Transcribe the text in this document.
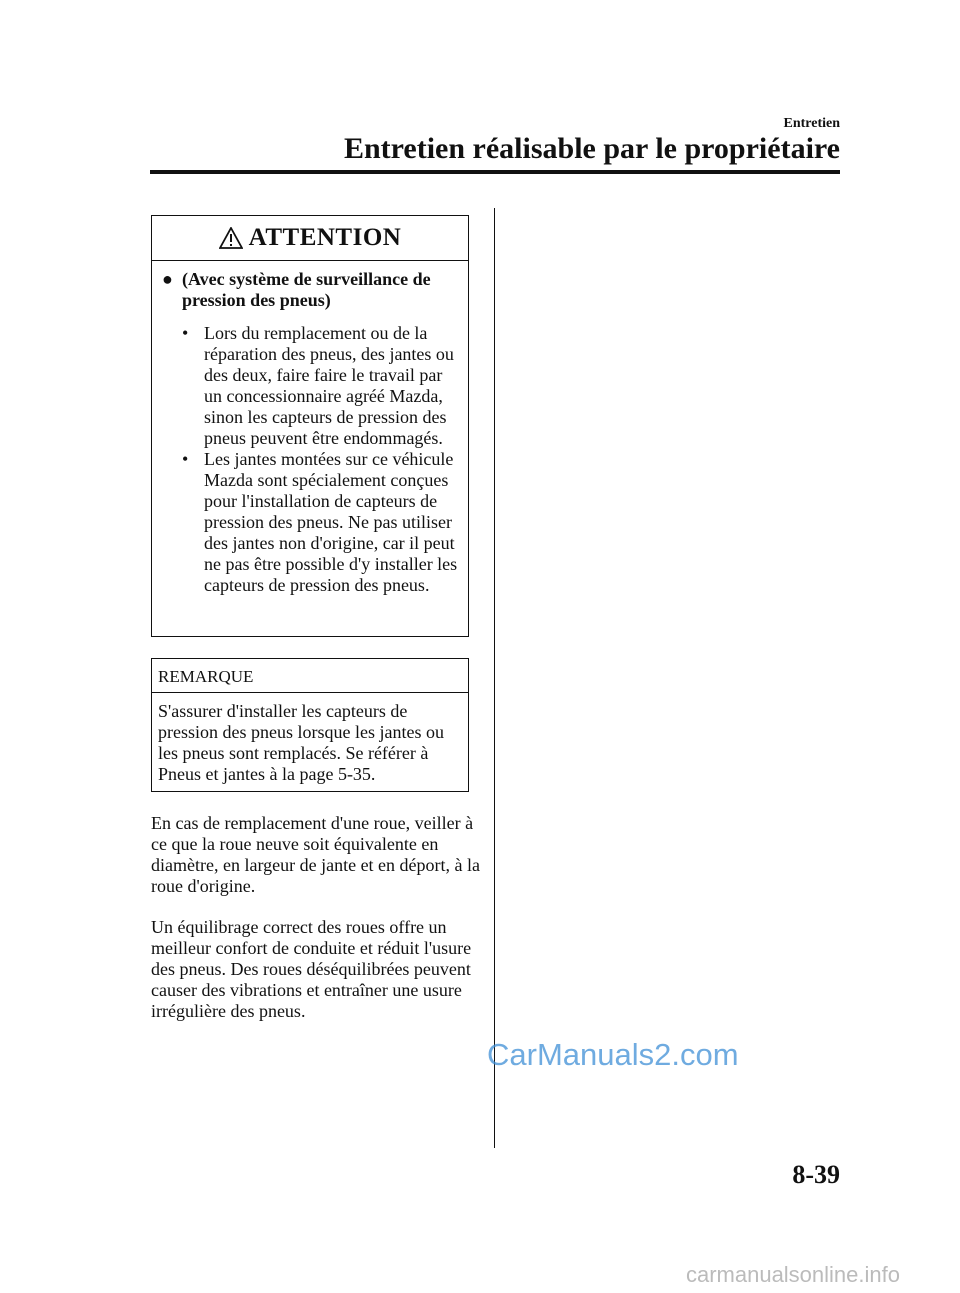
Entretien
Entretien réalisable par le propriétaire
ATTENTION
● (Avec système de surveillance de pression des pneus)
• Lors du remplacement ou de la réparation des pneus, des jantes ou des deux, faire faire le travail par un concessionnaire agréé Mazda, sinon les capteurs de pression des pneus peuvent être endommagés.
• Les jantes montées sur ce véhicule Mazda sont spécialement conçues pour l'installation de capteurs de pression des pneus. Ne pas utiliser des jantes non d'origine, car il peut ne pas être possible d'y installer les capteurs de pression des pneus.
REMARQUE
S'assurer d'installer les capteurs de pression des pneus lorsque les jantes ou les pneus sont remplacés. Se référer à Pneus et jantes à la page 5-35.
En cas de remplacement d'une roue, veiller à ce que la roue neuve soit équivalente en diamètre, en largeur de jante et en déport, à la roue d'origine.
Un équilibrage correct des roues offre un meilleur confort de conduite et réduit l'usure des pneus. Des roues déséquilibrées peuvent causer des vibrations et entraîner une usure irrégulière des pneus.
CarManuals2.com
8-39
carmanualsonline.info
